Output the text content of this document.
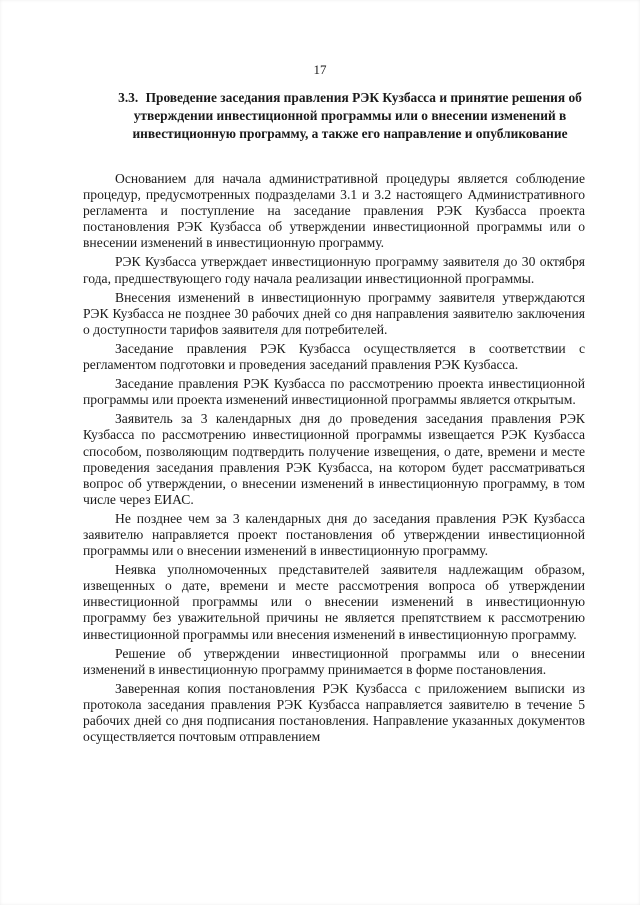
17
3.3. Проведение заседания правления РЭК Кузбасса и принятие решения об утверждении инвестиционной программы или о внесении изменений в инвестиционную программу, а также его направление и опубликование

Основанием для начала административной процедуры является соблюдение процедур, предусмотренных подразделами 3.1 и 3.2 настоящего Административного регламента и поступление на заседание правления РЭК Кузбасса проекта постановления РЭК Кузбасса об утверждении инвестиционной программы или о внесении изменений в инвестиционную программу.

РЭК Кузбасса утверждает инвестиционную программу заявителя до 30 октября года, предшествующего году начала реализации инвестиционной программы.

Внесения изменений в инвестиционную программу заявителя утверждаются РЭК Кузбасса не позднее 30 рабочих дней со дня направления заявителю заключения о доступности тарифов заявителя для потребителей.

Заседание правления РЭК Кузбасса осуществляется в соответствии с регламентом подготовки и проведения заседаний правления РЭК Кузбасса.

Заседание правления РЭК Кузбасса по рассмотрению проекта инвестиционной программы или проекта изменений инвестиционной программы является открытым.

Заявитель за 3 календарных дня до проведения заседания правления РЭК Кузбасса по рассмотрению инвестиционной программы извещается РЭК Кузбасса способом, позволяющим подтвердить получение извещения, о дате, времени и месте проведения заседания правления РЭК Кузбасса, на котором будет рассматриваться вопрос об утверждении, о внесении изменений в инвестиционную программу, в том числе через ЕИАС.

Не позднее чем за 3 календарных дня до заседания правления РЭК Кузбасса заявителю направляется проект постановления об утверждении инвестиционной программы или о внесении изменений в инвестиционную программу.

Неявка уполномоченных представителей заявителя надлежащим образом, извещенных о дате, времени и месте рассмотрения вопроса об утверждении инвестиционной программы или о внесении изменений в инвестиционную программу без уважительной причины не является препятствием к рассмотрению инвестиционной программы или внесения изменений в инвестиционную программу.

Решение об утверждении инвестиционной программы или о внесении изменений в инвестиционную программу принимается в форме постановления.

Заверенная копия постановления РЭК Кузбасса с приложением выписки из протокола заседания правления РЭК Кузбасса направляется заявителю в течение 5 рабочих дней со дня подписания постановления. Направление указанных документов осуществляется почтовым отправлением
